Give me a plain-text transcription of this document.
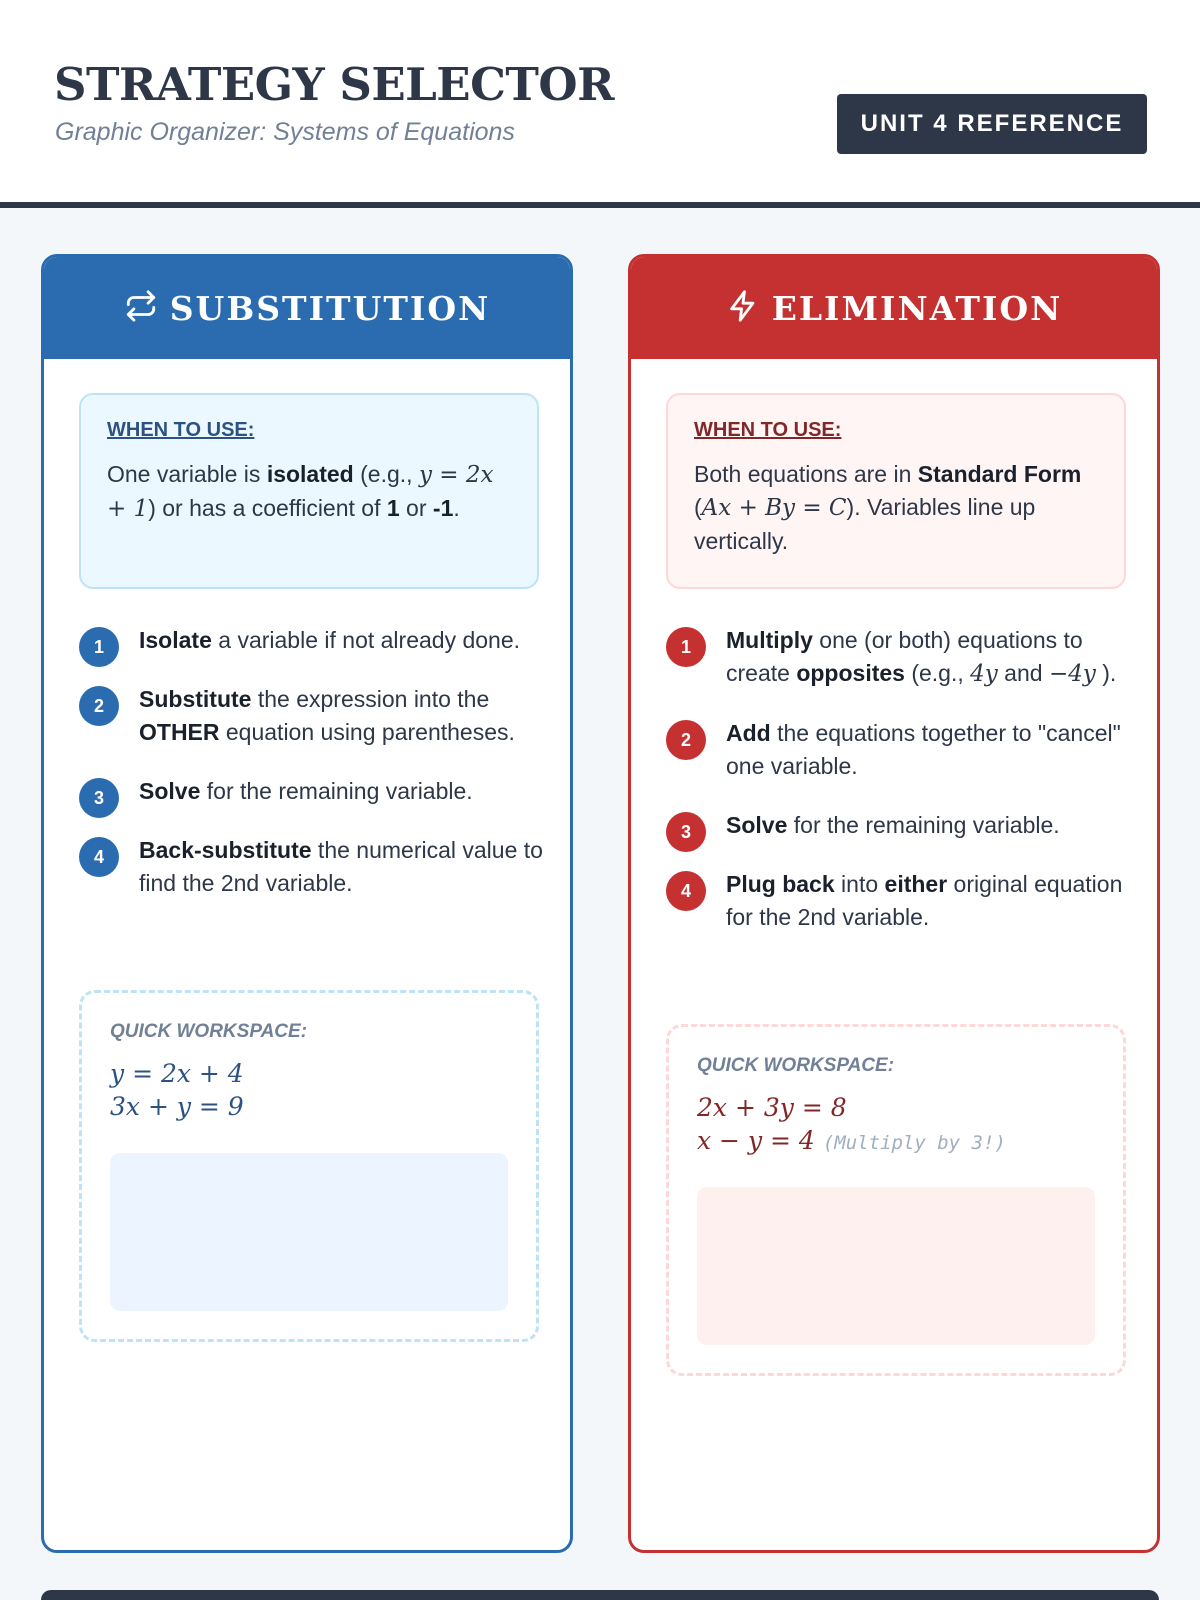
STRATEGY SELECTOR
Graphic Organizer: Systems of Equations	UNIT 4 REFERENCE
SUBSTITUTION
WHEN TO USE:
One variable is isolated (e.g., y = 2x + 1) or has a coefficient of 1 or -1.
1	Isolate a variable if not already done.
2	Substitute the expression into the OTHER equation using parentheses.
3	Solve for the remaining variable.
4	Back-substitute the numerical value to find the 2nd variable.
QUICK WORKSPACE:
y = 2x + 4
3x + y = 9
ELIMINATION
WHEN TO USE:
Both equations are in Standard Form (Ax + By = C). Variables line up vertically.
1	Multiply one (or both) equations to create opposites (e.g., 4y and −4y ).
2	Add the equations together to "cancel" one variable.
3	Solve for the remaining variable.
4	Plug back into either original equation for the 2nd variable.
QUICK WORKSPACE:
2x + 3y = 8
x − y = 4 (Multiply by 3!)
